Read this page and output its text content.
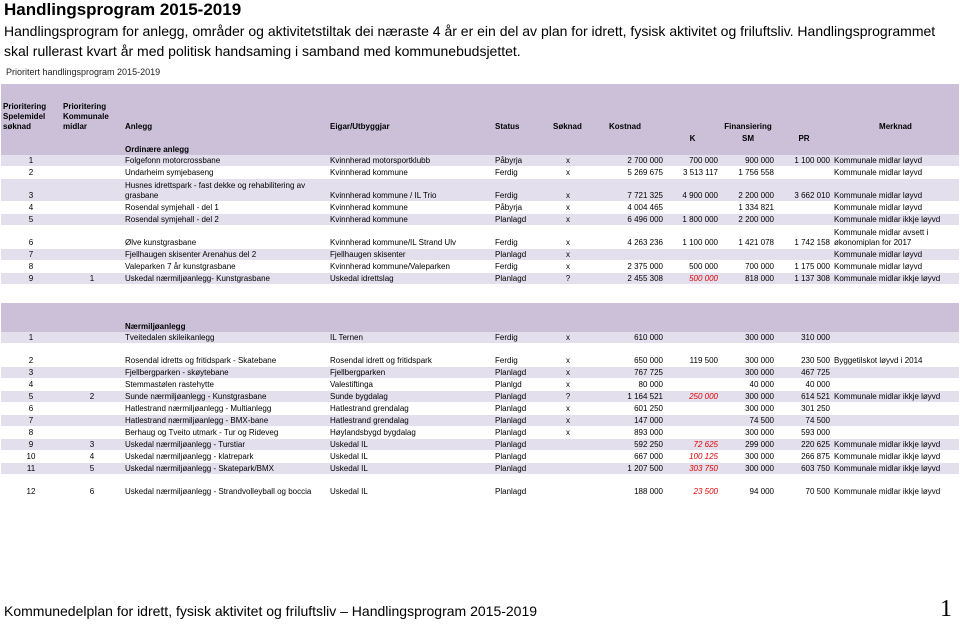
Handlingsprogram 2015-2019
Handlingsprogram for anlegg, områder og aktivitetstiltak dei næraste 4 år er ein del av plan for idrett, fysisk aktivitet og friluftsliv. Handlingsprogrammet skal rullerast kvart år med politisk handsaming i samband med kommunebudsjettet.
Prioritert handlingsprogram 2015-2019
Prioritering Spelemidel søknad	Prioritering Kommunale midlar	Anlegg	Eigar/Utbyggjar	Status	Søknad	Kostnad		Finansiering		Merknad
							K	SM	PR	
		Ordinære anlegg								
1		Folgefonn motorcrossbane	Kvinnherad motorsportklubb	Påbyrja	x	2 700 000	700 000	900 000	1 100 000	Kommunale midlar løyvd
2		Undarheim symjebaseng	Kvinnherad kommune	Ferdig	x	5 269 675	3 513 117	1 756 558		Kommunale midlar løyvd
3		Husnes idrettspark - fast dekke og rehabilitering av grasbane	Kvinnherad kommune / IL Trio	Ferdig	x	7 721 325	4 900 000	2 200 000	3 662 010	Kommunale midlar løyvd
4		Rosendal symjehall - del 1	Kvinnherad kommune	Påbyrja	x	4 004 465		1 334 821		Kommunale midlar løyvd
5		Rosendal symjehall - del 2	Kvinnherad kommune	Planlagd	x	6 496 000	1 800 000	2 200 000		Kommunale midlar ikkje løyvd
6		Ølve kunstgrasbane	Kvinnherad kommune/IL Strand Ulv	Ferdig	x	4 263 236	1 100 000	1 421 078	1 742 158	Kommunale midlar avsett i økonomiplan for 2017
7		Fjellhaugen skisenter Arenahus del 2	Fjellhaugen skisenter	Planlagd	x					Kommunale midlar løyvd
8		Valeparken 7 år kunstgrasbane	Kvinnherad kommune/Valeparken	Ferdig	x	2 375 000	500 000	700 000	1 175 000	Kommunale midlar løyvd
9	1	Uskedal nærmiljøanlegg- Kunstgrasbane	Uskedal idrettslag	Planlagd	?	2 455 308	500 000	818 000	1 137 308	Kommunale midlar ikkje løyvd

		Nærmiljøanlegg								
1		Tveitedalen skileikanlegg	IL Ternen	Ferdig	x	610 000		300 000	310 000	
2		Rosendal idretts og fritidspark - Skatebane	Rosendal idrett og fritidspark	Ferdig	x	650 000	119 500	300 000	230 500	Byggetilskot løyvd i 2014
3		Fjellbergparken - skøytebane	Fjellbergparken	Planlagd	x	767 725		300 000	467 725	
4		Stemmastølen rastehytte	Valestiftinga	Planlgd	x	80 000		40 000	40 000	
5	2	Sunde nærmiljøanlegg - Kunstgrasbane	Sunde bygdalag	Planlagd	?	1 164 521	250 000	300 000	614 521	Kommunale midlar ikkje løyvd
6		Hatlestrand nærmiljøanlegg - Multianlegg	Hatlestrand grendalag	Planlagd	x	601 250		300 000	301 250	
7		Hatlestrand nærmiljøanlegg - BMX-bane	Hatlestrand grendalag	Planlagd	x	147 000		74 500	74 500	
8		Berhaug og Tveito utmark - Tur og Rideveg	Høylandsbygd bygdalag	Planlagd	x	893 000		300 000	593 000	
9	3	Uskedal nærmiljøanlegg - Turstiar	Uskedal IL	Planlagd		592 250	72 625	299 000	220 625	Kommunale midlar ikkje løyvd
10	4	Uskedal nærmiljøanlegg - klatrepark	Uskedal IL	Planlagd		667 000	100 125	300 000	266 875	Kommunale midlar ikkje løyvd
11	5	Uskedal nærmiljøanlegg - Skatepark/BMX	Uskedal IL	Planlagd		1 207 500	303 750	300 000	603 750	Kommunale midlar ikkje løyvd
12	6	Uskedal nærmiljøanlegg - Strandvolleyball og boccia	Uskedal IL	Planlagd		188 000	23 500	94 000	70 500	Kommunale midlar ikkje løyvd
Kommunedelplan for idrett, fysisk aktivitet og friluftsliv – Handlingsprogram 2015-2019	1
